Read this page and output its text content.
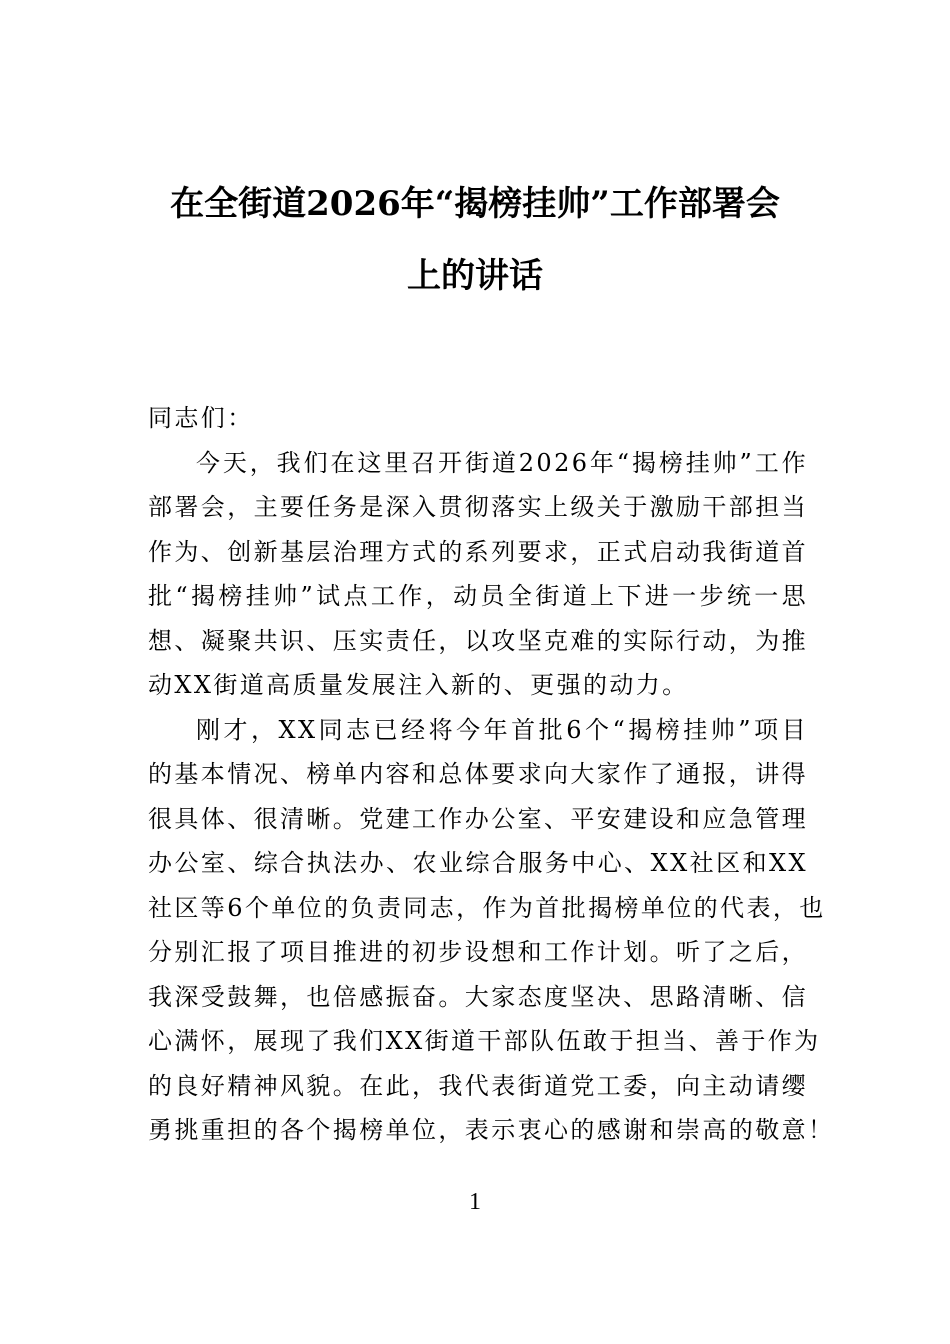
在全街道2026年“揭榜挂帅”工作部署会
上的讲话
同志们：
今天，我们在这里召开街道2026年“揭榜挂帅”工作
部署会，主要任务是深入贯彻落实上级关于激励干部担当
作为、创新基层治理方式的系列要求，正式启动我街道首
批“揭榜挂帅”试点工作，动员全街道上下进一步统一思
想、凝聚共识、压实责任，以攻坚克难的实际行动，为推
动XX街道高质量发展注入新的、更强的动力。
刚才，XX同志已经将今年首批6个“揭榜挂帅”项目
的基本情况、榜单内容和总体要求向大家作了通报，讲得
很具体、很清晰。党建工作办公室、平安建设和应急管理
办公室、综合执法办、农业综合服务中心、XX社区和XX
社区等6个单位的负责同志，作为首批揭榜单位的代表，也
分别汇报了项目推进的初步设想和工作计划。听了之后，
我深受鼓舞，也倍感振奋。大家态度坚决、思路清晰、信
心满怀，展现了我们XX街道干部队伍敢于担当、善于作为
的良好精神风貌。在此，我代表街道党工委，向主动请缨
勇挑重担的各个揭榜单位，表示衷心的感谢和崇高的敬意！
1
